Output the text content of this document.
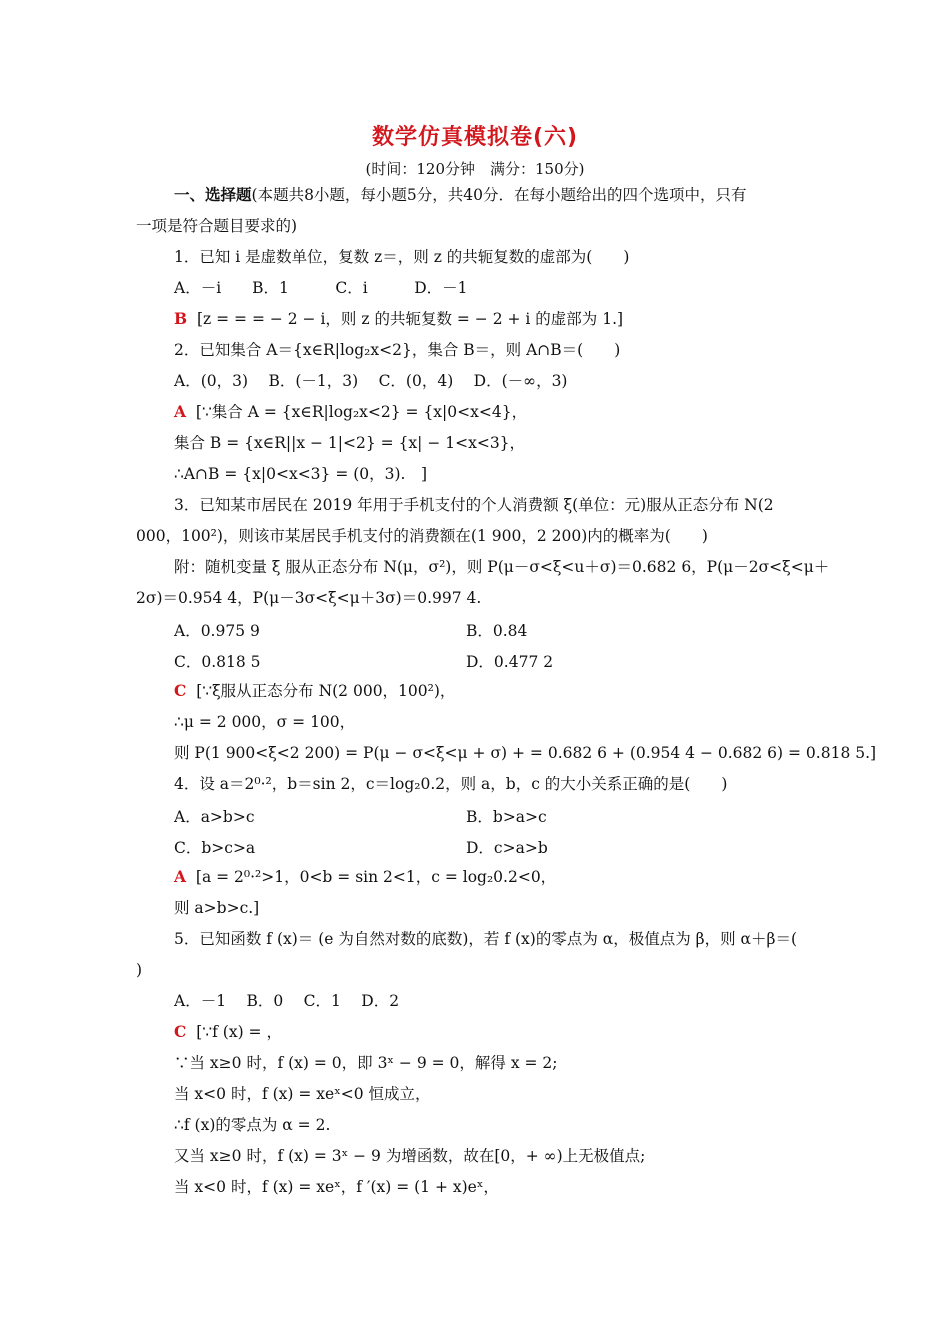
数学仿真模拟卷(六)
(时间：120分钟　满分：150分)
一、选择题(本题共8小题，每小题5分，共40分．在每小题给出的四个选项中，只有
一项是符合题目要求的)
1．已知 i 是虚数单位，复数 z＝，则 z 的共轭复数的虚部为(　　)
A．－i　　B．1　　　C．i　　　D．－1
B [z = = = − 2 − i，则 z 的共轭复数 = − 2 + i 的虚部为 1.]
2．已知集合 A＝{x∈R|log₂x<2}，集合 B＝，则 A∩B＝(　　)
A．(0，3)　 B．(－1，3)　 C．(0，4)　 D．(－∞，3)
A [∵集合 A = {x∈R|log₂x<2} = {x|0<x<4}，
集合 B = {x∈R||x − 1|<2} = {x| − 1<x<3}，
∴A∩B = {x|0<x<3} = (0，3).　]
3．已知某市居民在 2019 年用于手机支付的个人消费额 ξ(单位：元)服从正态分布 N(2
000，100²)，则该市某居民手机支付的消费额在(1 900，2 200)内的概率为(　　)
附：随机变量 ξ 服从正态分布 N(μ，σ²)，则 P(μ－σ<ξ<u＋σ)＝0.682 6，P(μ－2σ<ξ<μ＋
2σ)＝0.954 4，P(μ－3σ<ξ<μ＋3σ)＝0.997 4.
A．0.975 9	B．0.84
C．0.818 5	D．0.477 2
C [∵ξ服从正态分布 N(2 000，100²)，
∴μ = 2 000，σ = 100，
则 P(1 900<ξ<2 200) = P(μ − σ<ξ<μ + σ) + = 0.682 6 + (0.954 4 − 0.682 6) = 0.818 5.]
4．设 a＝2⁰·²，b＝sin 2，c＝log₂0.2，则 a，b，c 的大小关系正确的是(　　)
A．a>b>c	B．b>a>c
C．b>c>a	D．c>a>b
A [a = 2⁰·²>1，0<b = sin 2<1，c = log₂0.2<0，
则 a>b>c.]
5．已知函数 f (x)＝ (e 为自然对数的底数)，若 f (x)的零点为 α，极值点为 β，则 α＋β＝(
)
A．－1　 B．0　 C．1　 D．2
C [∵f (x) = ，
∵当 x≥0 时，f (x) = 0，即 3ˣ − 9 = 0，解得 x = 2;
当 x<0 时，f (x) = xeˣ<0 恒成立，
∴f (x)的零点为 α = 2.
又当 x≥0 时，f (x) = 3ˣ − 9 为增函数，故在[0，+ ∞)上无极值点;
当 x<0 时，f (x) = xeˣ，f ′(x) = (1 + x)eˣ，
